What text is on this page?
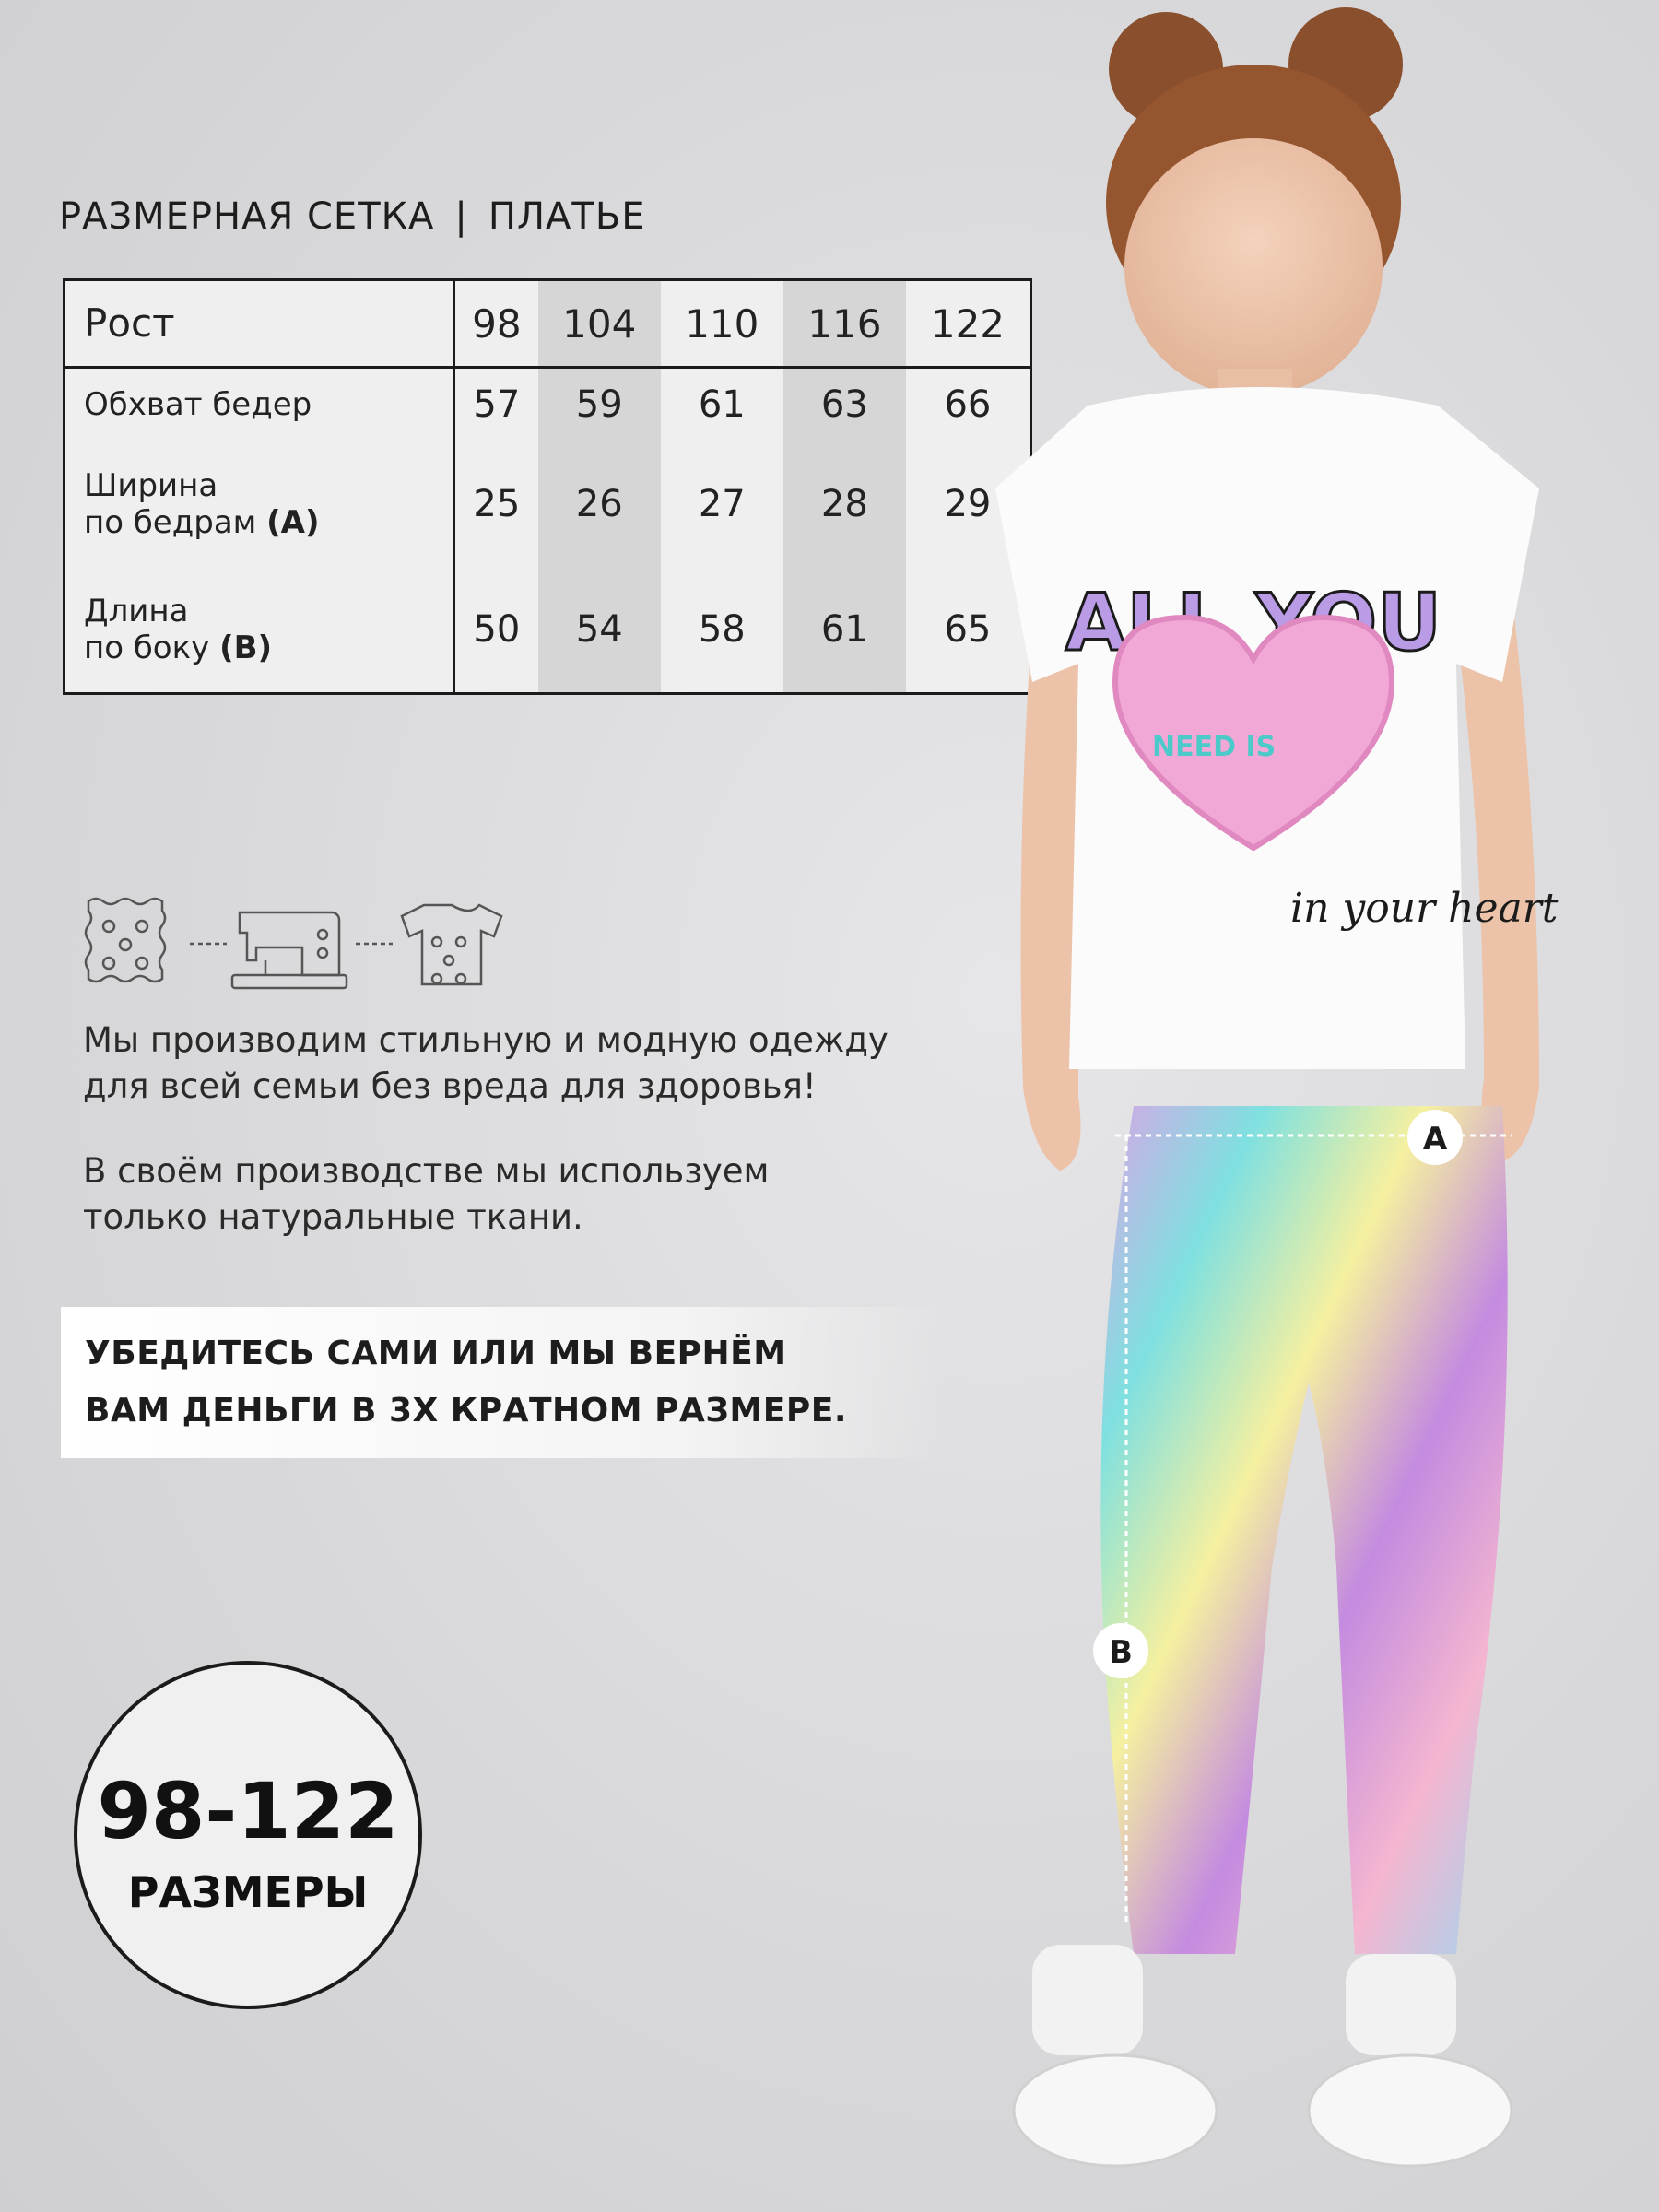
РАЗМЕРНАЯ СЕТКА | ПЛАТЬЕ
Рост	98	104	110	116	122
Обхват бедер	57	59	61	63	66
Ширина
по бедрам (А)	25	26	27	28	29
Длина
по боку (B)	50	54	58	61	65
Мы производим стильную и модную одежду
для всей семьи без вреда для здоровья!
В своём производстве мы используем
только натуральные ткани.
УБЕДИТЕСЬ САМИ ИЛИ МЫ ВЕРНЁМ
ВАМ ДЕНЬГИ В 3Х КРАТНОМ РАЗМЕРЕ.
98-122
РАЗМЕРЫ
ALL YOU
NEED IS
in your heart
A
B
